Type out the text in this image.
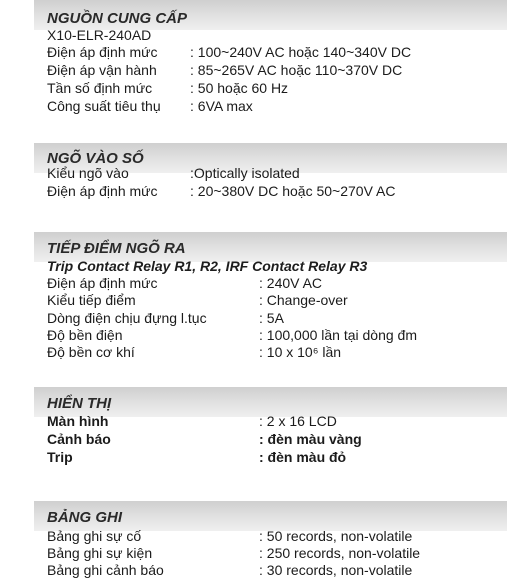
NGUỒN CUNG CẤP
X10-ELR-240AD
Điện áp định mức : 100~240V AC hoặc 140~340V DC
Điện áp vận hành : 85~265V AC hoặc 110~370V DC
Tần số định mức	: 50 hoặc 60 Hz
Công suất tiêu thụ : 6VA max
NGÕ VÀO SỐ
Kiểu ngõ vào	:Optically isolated
Điện áp định mức : 20~380V DC hoặc 50~270V AC
TIẾP ĐIỂM NGÕ RA
Trip Contact Relay R1, R2, IRF Contact Relay R3
Điện áp định mức	: 240V AC
Kiểu tiếp điểm	: Change-over
Dòng điện chịu đựng l.tục	: 5A
Độ bền điện	: 100,000 lần tại dòng đm
Độ bền cơ khí	: 10 x 10⁶ lần
HIỂN THỊ
Màn hình	: 2 x 16 LCD
Cảnh báo	: đèn màu vàng
Trip	: đèn màu đỏ
BẢNG GHI
Bảng ghi sự cố	: 50 records, non-volatile
Bảng ghi sự kiện	: 250 records, non-volatile
Bảng ghi cảnh báo	: 30 records, non-volatile
